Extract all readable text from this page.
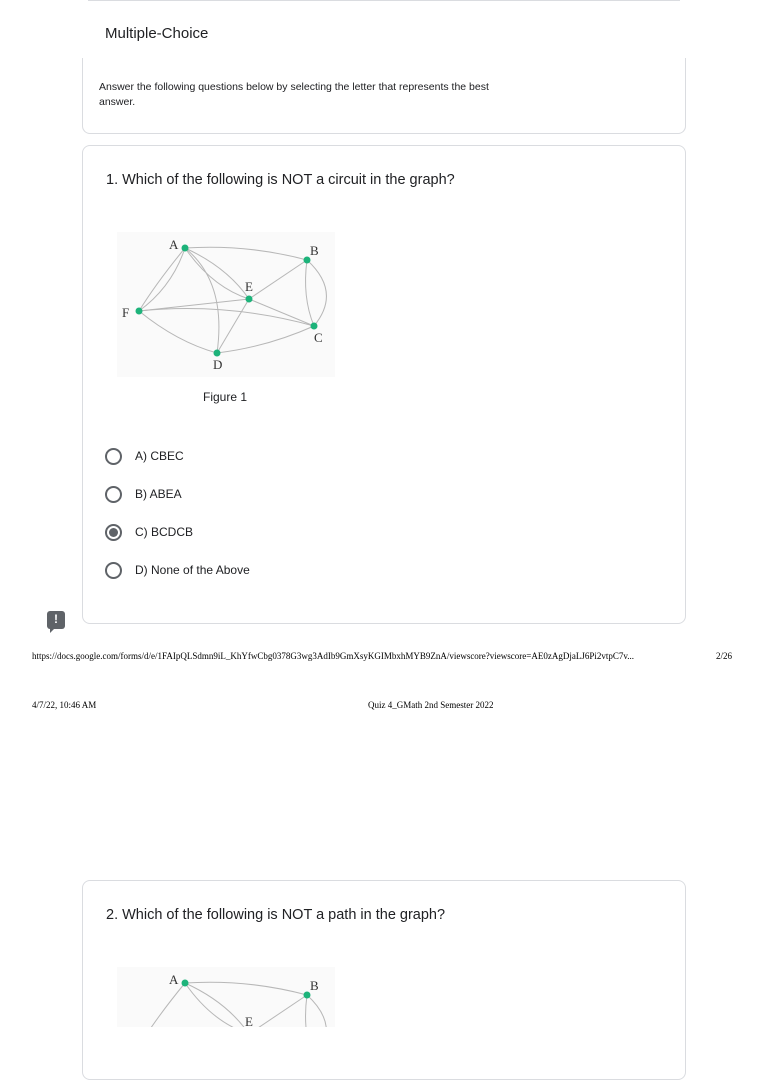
Multiple-Choice
Answer the following questions below by selecting the letter that represents the best answer.
1. Which of the following is NOT a circuit in the graph?
A	B
E
F
C
D
Figure 1
A) CBEC
B) ABEA
C) BCDCB
D) None of the Above
!
https://docs.google.com/forms/d/e/1FAIpQLSdmn9iL_KhYfwCbg0378G3wg3AdIb9GmXsyKGIMbxhMYB9ZnA/viewscore?viewscore=AE0zAgDjaLJ6Pi2vtpC7v...	2/26
4/7/22, 10:46 AM	Quiz 4_GMath 2nd Semester 2022
2. Which of the following is NOT a path in the graph?
A	B
E
